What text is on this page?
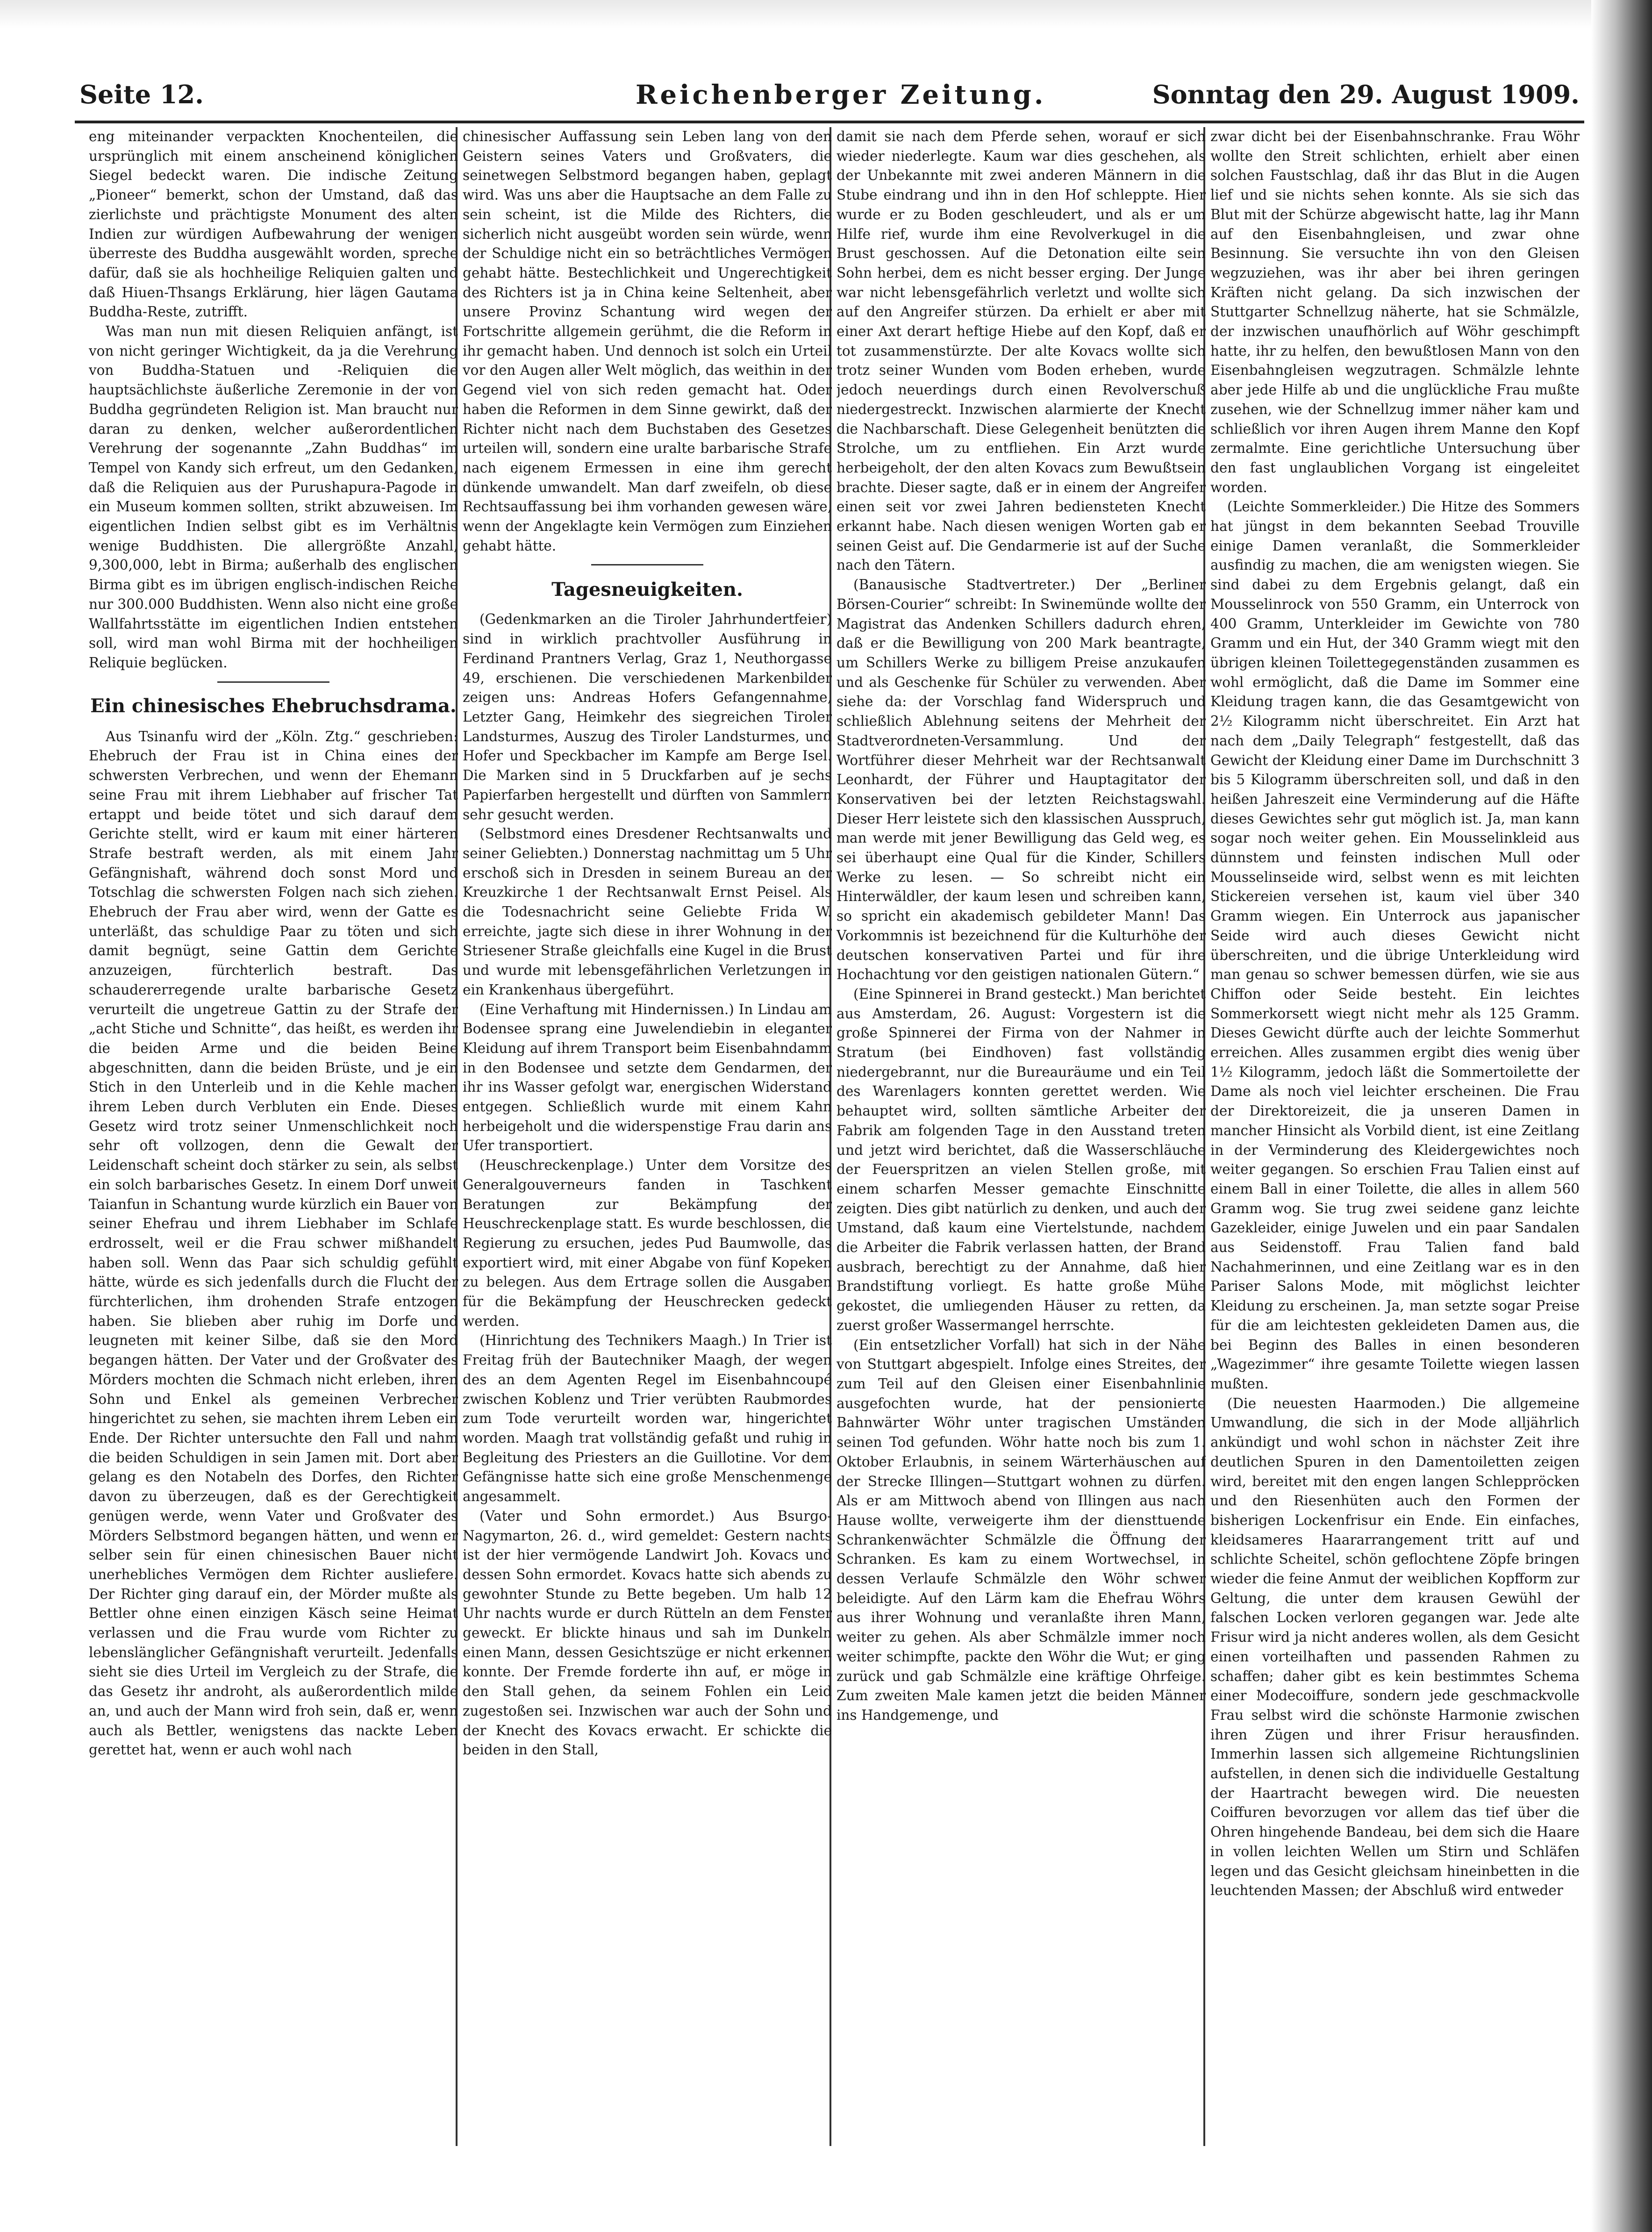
Seite 12.	Reichenberger Zeitung.	Sonntag den 29. August 1909.

eng miteinander verpackten Knochenteilen, die ursprünglich mit einem anscheinend königlichen Siegel bedeckt waren. Die indische Zeitung „Pioneer“ bemerkt, schon der Umstand, daß das zierlichste und prächtigste Monument des alten Indien zur würdigen Aufbewahrung der wenigen überreste des Buddha ausgewählt worden, spreche dafür, daß sie als hochheilige Reliquien galten und daß Hiuen-Thsangs Erklärung, hier lägen Gautama Buddha-Reste, zutrifft.

Was man nun mit diesen Reliquien anfängt, ist von nicht geringer Wichtigkeit, da ja die Verehrung von Buddha-Statuen und -Reliquien die hauptsächlichste äußerliche Zeremonie in der von Buddha gegründeten Religion ist. Man braucht nur daran zu denken, welcher außerordentlichen Verehrung der sogenannte „Zahn Buddhas“ im Tempel von Kandy sich erfreut, um den Gedanken, daß die Reliquien aus der Purushapura-Pagode in ein Museum kommen sollten, strikt abzuweisen. Im eigentlichen Indien selbst gibt es im Verhältnis wenige Buddhisten. Die allergrößte Anzahl, 9,300,000, lebt in Birma; außerhalb des englischen Birma gibt es im übrigen englisch-indischen Reiche nur 300.000 Buddhisten. Wenn also nicht eine große Wallfahrtsstätte im eigentlichen Indien entstehen soll, wird man wohl Birma mit der hochheiligen Reliquie beglücken.

Ein chinesisches Ehebruchsdrama.

Aus Tsinanfu wird der „Köln. Ztg.“ geschrieben: Ehebruch der Frau ist in China eines der schwersten Verbrechen, und wenn der Ehemann seine Frau mit ihrem Liebhaber auf frischer Tat ertappt und beide tötet und sich darauf dem Gerichte stellt, wird er kaum mit einer härteren Strafe bestraft werden, als mit einem Jahr Gefängnishaft, während doch sonst Mord und Totschlag die schwersten Folgen nach sich ziehen. Ehebruch der Frau aber wird, wenn der Gatte es unterläßt, das schuldige Paar zu töten und sich damit begnügt, seine Gattin dem Gerichte anzuzeigen, fürchterlich bestraft. Das schaudererregende uralte barbarische Gesetz verurteilt die ungetreue Gattin zu der Strafe der „acht Stiche und Schnitte“, das heißt, es werden ihr die beiden Arme und die beiden Beine abgeschnitten, dann die beiden Brüste, und je ein Stich in den Unterleib und in die Kehle machen ihrem Leben durch Verbluten ein Ende. Dieses Gesetz wird trotz seiner Unmenschlichkeit noch sehr oft vollzogen, denn die Gewalt der Leidenschaft scheint doch stärker zu sein, als selbst ein solch barbarisches Gesetz. In einem Dorf unweit Taianfun in Schantung wurde kürzlich ein Bauer von seiner Ehefrau und ihrem Liebhaber im Schlafe erdrosselt, weil er die Frau schwer mißhandelt haben soll. Wenn das Paar sich schuldig gefühlt hätte, würde es sich jedenfalls durch die Flucht der fürchterlichen, ihm drohenden Strafe entzogen haben. Sie blieben aber ruhig im Dorfe und leugneten mit keiner Silbe, daß sie den Mord begangen hätten. Der Vater und der Großvater des Mörders mochten die Schmach nicht erleben, ihren Sohn und Enkel als gemeinen Verbrecher hingerichtet zu sehen, sie machten ihrem Leben ein Ende. Der Richter untersuchte den Fall und nahm die beiden Schuldigen in sein Jamen mit. Dort aber gelang es den Notabeln des Dorfes, den Richter davon zu überzeugen, daß es der Gerechtigkeit genügen werde, wenn Vater und Großvater des Mörders Selbstmord begangen hätten, und wenn er selber sein für einen chinesischen Bauer nicht unerhebliches Vermögen dem Richter ausliefere. Der Richter ging darauf ein, der Mörder mußte als Bettler ohne einen einzigen Käsch seine Heimat verlassen und die Frau wurde vom Richter zu lebenslänglicher Gefängnishaft verurteilt. Jedenfalls sieht sie dies Urteil im Vergleich zu der Strafe, die das Gesetz ihr androht, als außerordentlich milde an, und auch der Mann wird froh sein, daß er, wenn auch als Bettler, wenigstens das nackte Leben gerettet hat, wenn er auch wohl nach

chinesischer Auffassung sein Leben lang von den Geistern seines Vaters und Großvaters, die seinetwegen Selbstmord begangen haben, geplagt wird. Was uns aber die Hauptsache an dem Falle zu sein scheint, ist die Milde des Richters, die sicherlich nicht ausgeübt worden sein würde, wenn der Schuldige nicht ein so beträchtliches Vermögen gehabt hätte. Bestechlichkeit und Ungerechtigkeit des Richters ist ja in China keine Seltenheit, aber unsere Provinz Schantung wird wegen der Fortschritte allgemein gerühmt, die die Reform in ihr gemacht haben. Und dennoch ist solch ein Urteil vor den Augen aller Welt möglich, das weithin in der Gegend viel von sich reden gemacht hat. Oder haben die Reformen in dem Sinne gewirkt, daß der Richter nicht nach dem Buchstaben des Gesetzes urteilen will, sondern eine uralte barbarische Strafe nach eigenem Ermessen in eine ihm gerecht dünkende umwandelt. Man darf zweifeln, ob diese Rechtsauffassung bei ihm vorhanden gewesen wäre, wenn der Angeklagte kein Vermögen zum Einziehen gehabt hätte.

Tagesneuigkeiten.

(Gedenkmarken an die Tiroler Jahrhundertfeier) sind in wirklich prachtvoller Ausführung in Ferdinand Prantners Verlag, Graz 1, Neuthorgasse 49, erschienen. Die verschiedenen Markenbilder zeigen uns: Andreas Hofers Gefangennahme, Letzter Gang, Heimkehr des siegreichen Tiroler Landsturmes, Auszug des Tiroler Landsturmes, und Hofer und Speckbacher im Kampfe am Berge Isel. Die Marken sind in 5 Druckfarben auf je sechs Papierfarben hergestellt und dürften von Sammlern sehr gesucht werden.

(Selbstmord eines Dresdener Rechtsanwalts und seiner Geliebten.) Donnerstag nachmittag um 5 Uhr erschoß sich in Dresden in seinem Bureau an der Kreuzkirche 1 der Rechtsanwalt Ernst Peisel. Als die Todesnachricht seine Geliebte Frida W. erreichte, jagte sich diese in ihrer Wohnung in der Striesener Straße gleichfalls eine Kugel in die Brust und wurde mit lebensgefährlichen Verletzungen in ein Krankenhaus übergeführt.

(Eine Verhaftung mit Hindernissen.) In Lindau am Bodensee sprang eine Juwelendiebin in eleganter Kleidung auf ihrem Transport beim Eisenbahndamm in den Bodensee und setzte dem Gendarmen, der ihr ins Wasser gefolgt war, energischen Widerstand entgegen. Schließlich wurde mit einem Kahn herbeigeholt und die widerspenstige Frau darin ans Ufer transportiert.

(Heuschreckenplage.) Unter dem Vorsitze des Generalgouverneurs fanden in Taschkent Beratungen zur Bekämpfung der Heuschreckenplage statt. Es wurde beschlossen, die Regierung zu ersuchen, jedes Pud Baumwolle, das exportiert wird, mit einer Abgabe von fünf Kopeken zu belegen. Aus dem Ertrage sollen die Ausgaben für die Bekämpfung der Heuschrecken gedeckt werden.

(Hinrichtung des Technikers Maagh.) In Trier ist Freitag früh der Bautechniker Maagh, der wegen des an dem Agenten Regel im Eisenbahncoupé zwischen Koblenz und Trier verübten Raubmordes zum Tode verurteilt worden war, hingerichtet worden. Maagh trat vollständig gefaßt und ruhig in Begleitung des Priesters an die Guillotine. Vor dem Gefängnisse hatte sich eine große Menschenmenge angesammelt.

(Vater und Sohn ermordet.) Aus Bsurgo-Nagymarton, 26. d., wird gemeldet: Gestern nachts ist der hier vermögende Landwirt Joh. Kovacs und dessen Sohn ermordet. Kovacs hatte sich abends zu gewohnter Stunde zu Bette begeben. Um halb 12 Uhr nachts wurde er durch Rütteln an dem Fenster geweckt. Er blickte hinaus und sah im Dunkeln einen Mann, dessen Gesichtszüge er nicht erkennen konnte. Der Fremde forderte ihn auf, er möge in den Stall gehen, da seinem Fohlen ein Leid zugestoßen sei. Inzwischen war auch der Sohn und der Knecht des Kovacs erwacht. Er schickte die beiden in den Stall,

damit sie nach dem Pferde sehen, worauf er sich wieder niederlegte. Kaum war dies geschehen, als der Unbekannte mit zwei anderen Männern in die Stube eindrang und ihn in den Hof schleppte. Hier wurde er zu Boden geschleudert, und als er um Hilfe rief, wurde ihm eine Revolverkugel in die Brust geschossen. Auf die Detonation eilte sein Sohn herbei, dem es nicht besser erging. Der Junge war nicht lebensgefährlich verletzt und wollte sich auf den Angreifer stürzen. Da erhielt er aber mit einer Axt derart heftige Hiebe auf den Kopf, daß er tot zusammenstürzte. Der alte Kovacs wollte sich trotz seiner Wunden vom Boden erheben, wurde jedoch neuerdings durch einen Revolverschuß niedergestreckt. Inzwischen alarmierte der Knecht die Nachbarschaft. Diese Gelegenheit benützten die Strolche, um zu entfliehen. Ein Arzt wurde herbeigeholt, der den alten Kovacs zum Bewußtsein brachte. Dieser sagte, daß er in einem der Angreifer einen seit vor zwei Jahren bediensteten Knecht erkannt habe. Nach diesen wenigen Worten gab er seinen Geist auf. Die Gendarmerie ist auf der Suche nach den Tätern.

(Banausische Stadtvertreter.) Der „Berliner Börsen-Courier“ schreibt: In Swinemünde wollte der Magistrat das Andenken Schillers dadurch ehren, daß er die Bewilligung von 200 Mark beantragte, um Schillers Werke zu billigem Preise anzukaufen und als Geschenke für Schüler zu verwenden. Aber siehe da: der Vorschlag fand Widerspruch und schließlich Ablehnung seitens der Mehrheit der Stadtverordneten-Versammlung. Und der Wortführer dieser Mehrheit war der Rechtsanwalt Leonhardt, der Führer und Hauptagitator der Konservativen bei der letzten Reichstagswahl. Dieser Herr leistete sich den klassischen Ausspruch, man werde mit jener Bewilligung das Geld weg, es sei überhaupt eine Qual für die Kinder, Schillers Werke zu lesen. — So schreibt nicht ein Hinterwäldler, der kaum lesen und schreiben kann, so spricht ein akademisch gebildeter Mann! Das Vorkommnis ist bezeichnend für die Kulturhöhe der deutschen konservativen Partei und für ihre Hochachtung vor den geistigen nationalen Gütern.“

(Eine Spinnerei in Brand gesteckt.) Man berichtet aus Amsterdam, 26. August: Vorgestern ist die große Spinnerei der Firma von der Nahmer in Stratum (bei Eindhoven) fast vollständig niedergebrannt, nur die Bureauräume und ein Teil des Warenlagers konnten gerettet werden. Wie behauptet wird, sollten sämtliche Arbeiter der Fabrik am folgenden Tage in den Ausstand treten und jetzt wird berichtet, daß die Wasserschläuche der Feuerspritzen an vielen Stellen große, mit einem scharfen Messer gemachte Einschnitte zeigten. Dies gibt natürlich zu denken, und auch der Umstand, daß kaum eine Viertelstunde, nachdem die Arbeiter die Fabrik verlassen hatten, der Brand ausbrach, berechtigt zu der Annahme, daß hier Brandstiftung vorliegt. Es hatte große Mühe gekostet, die umliegenden Häuser zu retten, da zuerst großer Wassermangel herrschte.

(Ein entsetzlicher Vorfall) hat sich in der Nähe von Stuttgart abgespielt. Infolge eines Streites, der zum Teil auf den Gleisen einer Eisenbahnlinie ausgefochten wurde, hat der pensionierte Bahnwärter Wöhr unter tragischen Umständen seinen Tod gefunden. Wöhr hatte noch bis zum 1. Oktober Erlaubnis, in seinem Wärterhäuschen auf der Strecke Illingen—Stuttgart wohnen zu dürfen. Als er am Mittwoch abend von Illingen aus nach Hause wollte, verweigerte ihm der diensttuende Schrankenwächter Schmälzle die Öffnung der Schranken. Es kam zu einem Wortwechsel, in dessen Verlaufe Schmälzle den Wöhr schwer beleidigte. Auf den Lärm kam die Ehefrau Wöhrs aus ihrer Wohnung und veranlaßte ihren Mann, weiter zu gehen. Als aber Schmälzle immer noch weiter schimpfte, packte den Wöhr die Wut; er ging zurück und gab Schmälzle eine kräftige Ohrfeige. Zum zweiten Male kamen jetzt die beiden Männer ins Handgemenge, und

zwar dicht bei der Eisenbahnschranke. Frau Wöhr wollte den Streit schlichten, erhielt aber einen solchen Faustschlag, daß ihr das Blut in die Augen lief und sie nichts sehen konnte. Als sie sich das Blut mit der Schürze abgewischt hatte, lag ihr Mann auf den Eisenbahngleisen, und zwar ohne Besinnung. Sie versuchte ihn von den Gleisen wegzuziehen, was ihr aber bei ihren geringen Kräften nicht gelang. Da sich inzwischen der Stuttgarter Schnellzug näherte, hat sie Schmälzle, der inzwischen unaufhörlich auf Wöhr geschimpft hatte, ihr zu helfen, den bewußtlosen Mann von den Eisenbahngleisen wegzutragen. Schmälzle lehnte aber jede Hilfe ab und die unglückliche Frau mußte zusehen, wie der Schnellzug immer näher kam und schließlich vor ihren Augen ihrem Manne den Kopf zermalmte. Eine gerichtliche Untersuchung über den fast unglaublichen Vorgang ist eingeleitet worden.

(Leichte Sommerkleider.) Die Hitze des Sommers hat jüngst in dem bekannten Seebad Trouville einige Damen veranlaßt, die Sommerkleider ausfindig zu machen, die am wenigsten wiegen. Sie sind dabei zu dem Ergebnis gelangt, daß ein Mousselinrock von 550 Gramm, ein Unterrock von 400 Gramm, Unterkleider im Gewichte von 780 Gramm und ein Hut, der 340 Gramm wiegt mit den übrigen kleinen Toilettegegenständen zusammen es wohl ermöglicht, daß die Dame im Sommer eine Kleidung tragen kann, die das Gesamtgewicht von 2½ Kilogramm nicht überschreitet. Ein Arzt hat nach dem „Daily Telegraph“ festgestellt, daß das Gewicht der Kleidung einer Dame im Durchschnitt 3 bis 5 Kilogramm überschreiten soll, und daß in den heißen Jahreszeit eine Verminderung auf die Häfte dieses Gewichtes sehr gut möglich ist. Ja, man kann sogar noch weiter gehen. Ein Mousselinkleid aus dünnstem und feinsten indischen Mull oder Mousselinseide wird, selbst wenn es mit leichten Stickereien versehen ist, kaum viel über 340 Gramm wiegen. Ein Unterrock aus japanischer Seide wird auch dieses Gewicht nicht überschreiten, und die übrige Unterkleidung wird man genau so schwer bemessen dürfen, wie sie aus Chiffon oder Seide besteht. Ein leichtes Sommerkorsett wiegt nicht mehr als 125 Gramm. Dieses Gewicht dürfte auch der leichte Sommerhut erreichen. Alles zusammen ergibt dies wenig über 1½ Kilogramm, jedoch läßt die Sommertoilette der Dame als noch viel leichter erscheinen. Die Frau der Direktoreizeit, die ja unseren Damen in mancher Hinsicht als Vorbild dient, ist eine Zeitlang in der Verminderung des Kleidergewichtes noch weiter gegangen. So erschien Frau Talien einst auf einem Ball in einer Toilette, die alles in allem 560 Gramm wog. Sie trug zwei seidene ganz leichte Gazekleider, einige Juwelen und ein paar Sandalen aus Seidenstoff. Frau Talien fand bald Nachahmerinnen, und eine Zeitlang war es in den Pariser Salons Mode, mit möglichst leichter Kleidung zu erscheinen. Ja, man setzte sogar Preise für die am leichtesten gekleideten Damen aus, die bei Beginn des Balles in einen besonderen „Wagezimmer“ ihre gesamte Toilette wiegen lassen mußten.

(Die neuesten Haarmoden.) Die allgemeine Umwandlung, die sich in der Mode alljährlich ankündigt und wohl schon in nächster Zeit ihre deutlichen Spuren in den Damentoiletten zeigen wird, bereitet mit den engen langen Schleppröcken und den Riesenhüten auch den Formen der bisherigen Lockenfrisur ein Ende. Ein einfaches, kleidsameres Haararrangement tritt auf und schlichte Scheitel, schön geflochtene Zöpfe bringen wieder die feine Anmut der weiblichen Kopfform zur Geltung, die unter dem krausen Gewühl der falschen Locken verloren gegangen war. Jede alte Frisur wird ja nicht anderes wollen, als dem Gesicht einen vorteilhaften und passenden Rahmen zu schaffen; daher gibt es kein bestimmtes Schema einer Modecoiffure, sondern jede geschmackvolle Frau selbst wird die schönste Harmonie zwischen ihren Zügen und ihrer Frisur herausfinden. Immerhin lassen sich allgemeine Richtungslinien aufstellen, in denen sich die individuelle Gestaltung der Haartracht bewegen wird. Die neuesten Coiffuren bevorzugen vor allem das tief über die Ohren hingehende Bandeau, bei dem sich die Haare in vollen leichten Wellen um Stirn und Schläfen legen und das Gesicht gleichsam hineinbetten in die leuchtenden Massen; der Abschluß wird entweder
